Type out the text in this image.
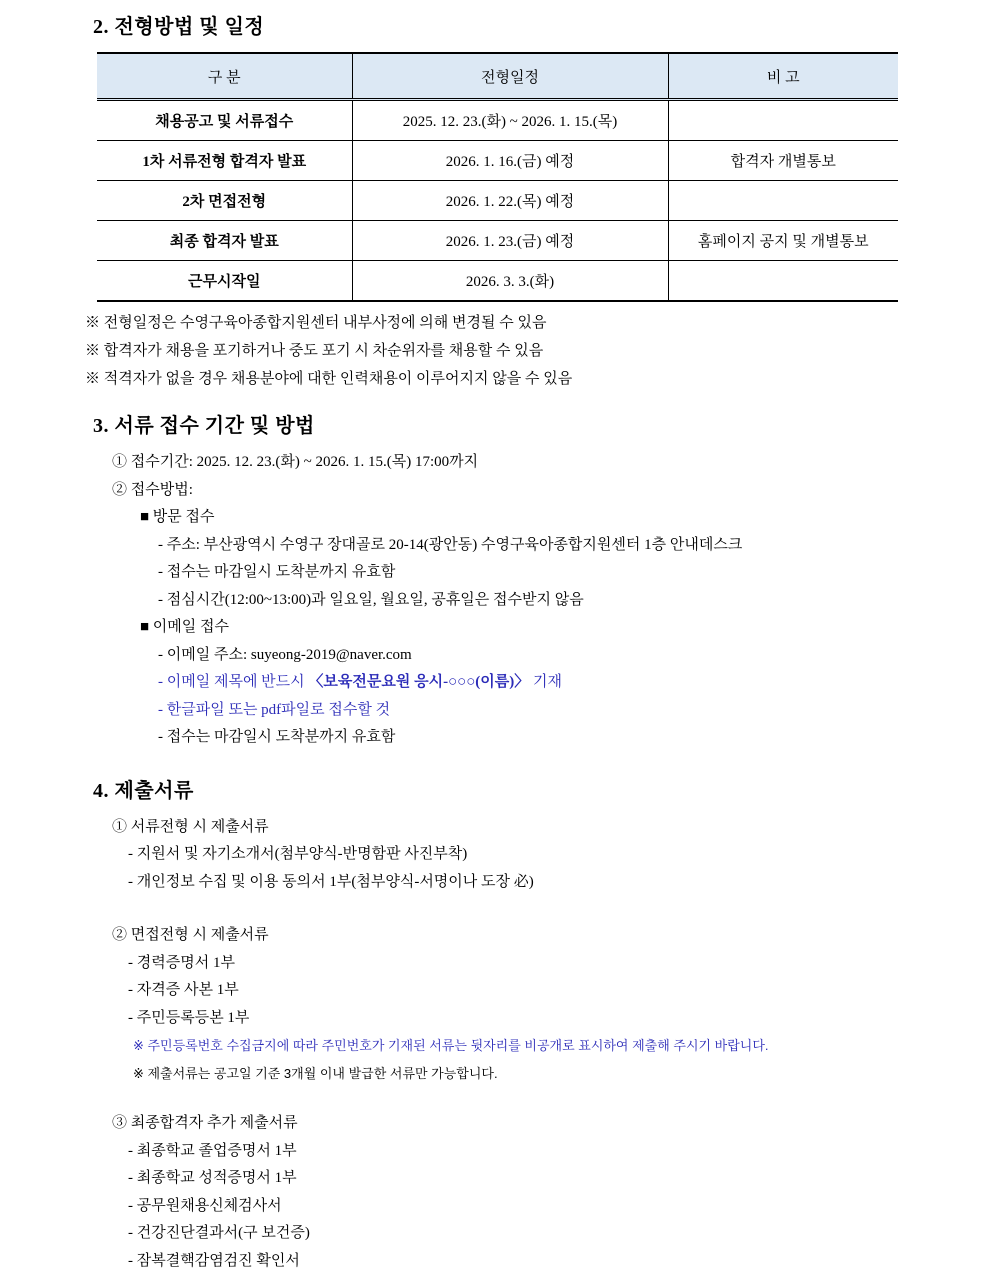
2. 전형방법 및 일정
구 분	전형일정	비 고
채용공고 및 서류접수	2025. 12. 23.(화) ~ 2026. 1. 15.(목)	
1차 서류전형 합격자 발표	2026. 1. 16.(금) 예정	합격자 개별통보
2차 면접전형	2026. 1. 22.(목) 예정	
최종 합격자 발표	2026. 1. 23.(금) 예정	홈페이지 공지 및 개별통보
근무시작일	2026. 3. 3.(화)	
※ 전형일정은 수영구육아종합지원센터 내부사정에 의해 변경될 수 있음
※ 합격자가 채용을 포기하거나 중도 포기 시 차순위자를 채용할 수 있음
※ 적격자가 없을 경우 채용분야에 대한 인력채용이 이루어지지 않을 수 있음
3. 서류 접수 기간 및 방법
① 접수기간: 2025. 12. 23.(화) ~ 2026. 1. 15.(목) 17:00까지
② 접수방법:
■ 방문 접수
- 주소: 부산광역시 수영구 장대골로 20-14(광안동) 수영구육아종합지원센터 1층 안내데스크
- 접수는 마감일시 도착분까지 유효함
- 점심시간(12:00~13:00)과 일요일, 월요일, 공휴일은 접수받지 않음
■ 이메일 접수
- 이메일 주소: suyeong-2019@naver.com
- 이메일 제목에 반드시 〈보육전문요원 응시-○○○(이름)〉 기재
- 한글파일 또는 pdf파일로 접수할 것
- 접수는 마감일시 도착분까지 유효함
4. 제출서류
① 서류전형 시 제출서류
- 지원서 및 자기소개서(첨부양식-반명함판 사진부착)
- 개인정보 수집 및 이용 동의서 1부(첨부양식-서명이나 도장 必)
② 면접전형 시 제출서류
- 경력증명서 1부
- 자격증 사본 1부
- 주민등록등본 1부
※ 주민등록번호 수집금지에 따라 주민번호가 기재된 서류는 뒷자리를 비공개로 표시하여 제출해 주시기 바랍니다.
※ 제출서류는 공고일 기준 3개월 이내 발급한 서류만 가능합니다.
③ 최종합격자 추가 제출서류
- 최종학교 졸업증명서 1부
- 최종학교 성적증명서 1부
- 공무원채용신체검사서
- 건강진단결과서(구 보건증)
- 잠복결핵감염검진 확인서
